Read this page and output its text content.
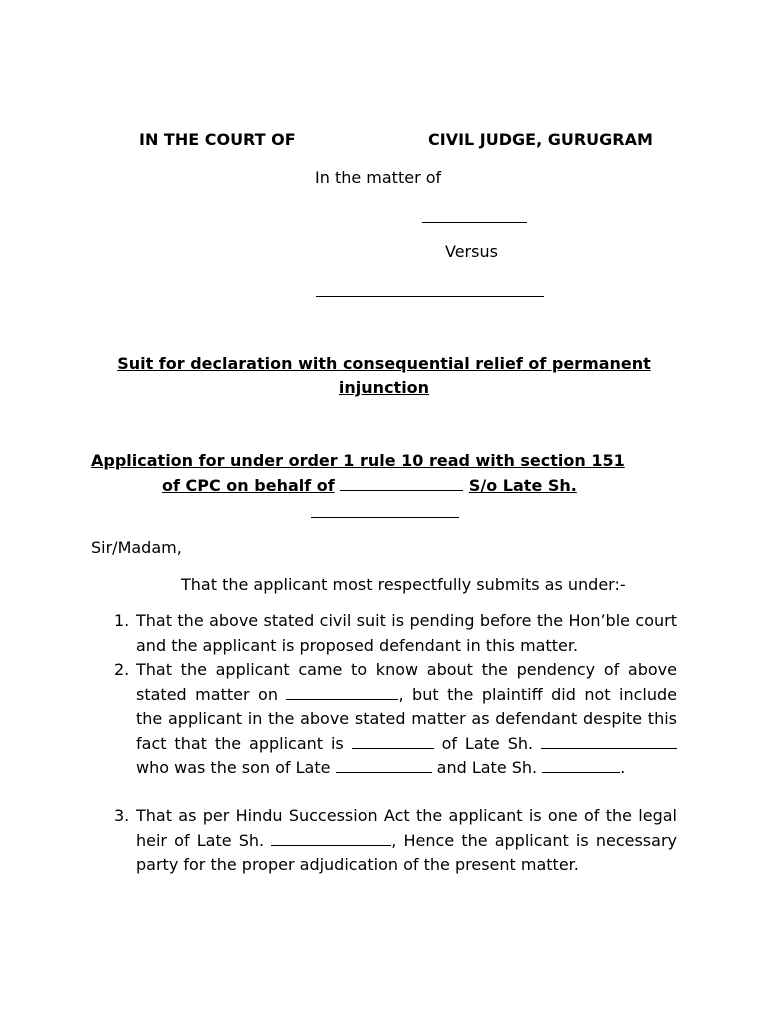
IN THE COURT OF	CIVIL JUDGE, GURUGRAM
In the matter of
Versus
Suit for declaration with consequential relief of permanent injunction
Application for under order 1 rule 10 read with section 151
of CPC on behalf of	S/o Late Sh.
Sir/Madam,
That the applicant most respectfully submits as under:-
1. That the above stated civil suit is pending before the Hon’ble court and the applicant is proposed defendant in this matter.
2. That the applicant came to know about the pendency of above stated matter on	, but the plaintiff did not include the applicant in the above stated matter as defendant despite this fact that the applicant is	of Late Sh.  who was the son of Late	and Late Sh.	.
3. That as per Hindu Succession Act the applicant is one of the legal heir of Late Sh.	, Hence the applicant is necessary party for the proper adjudication of the present matter.
